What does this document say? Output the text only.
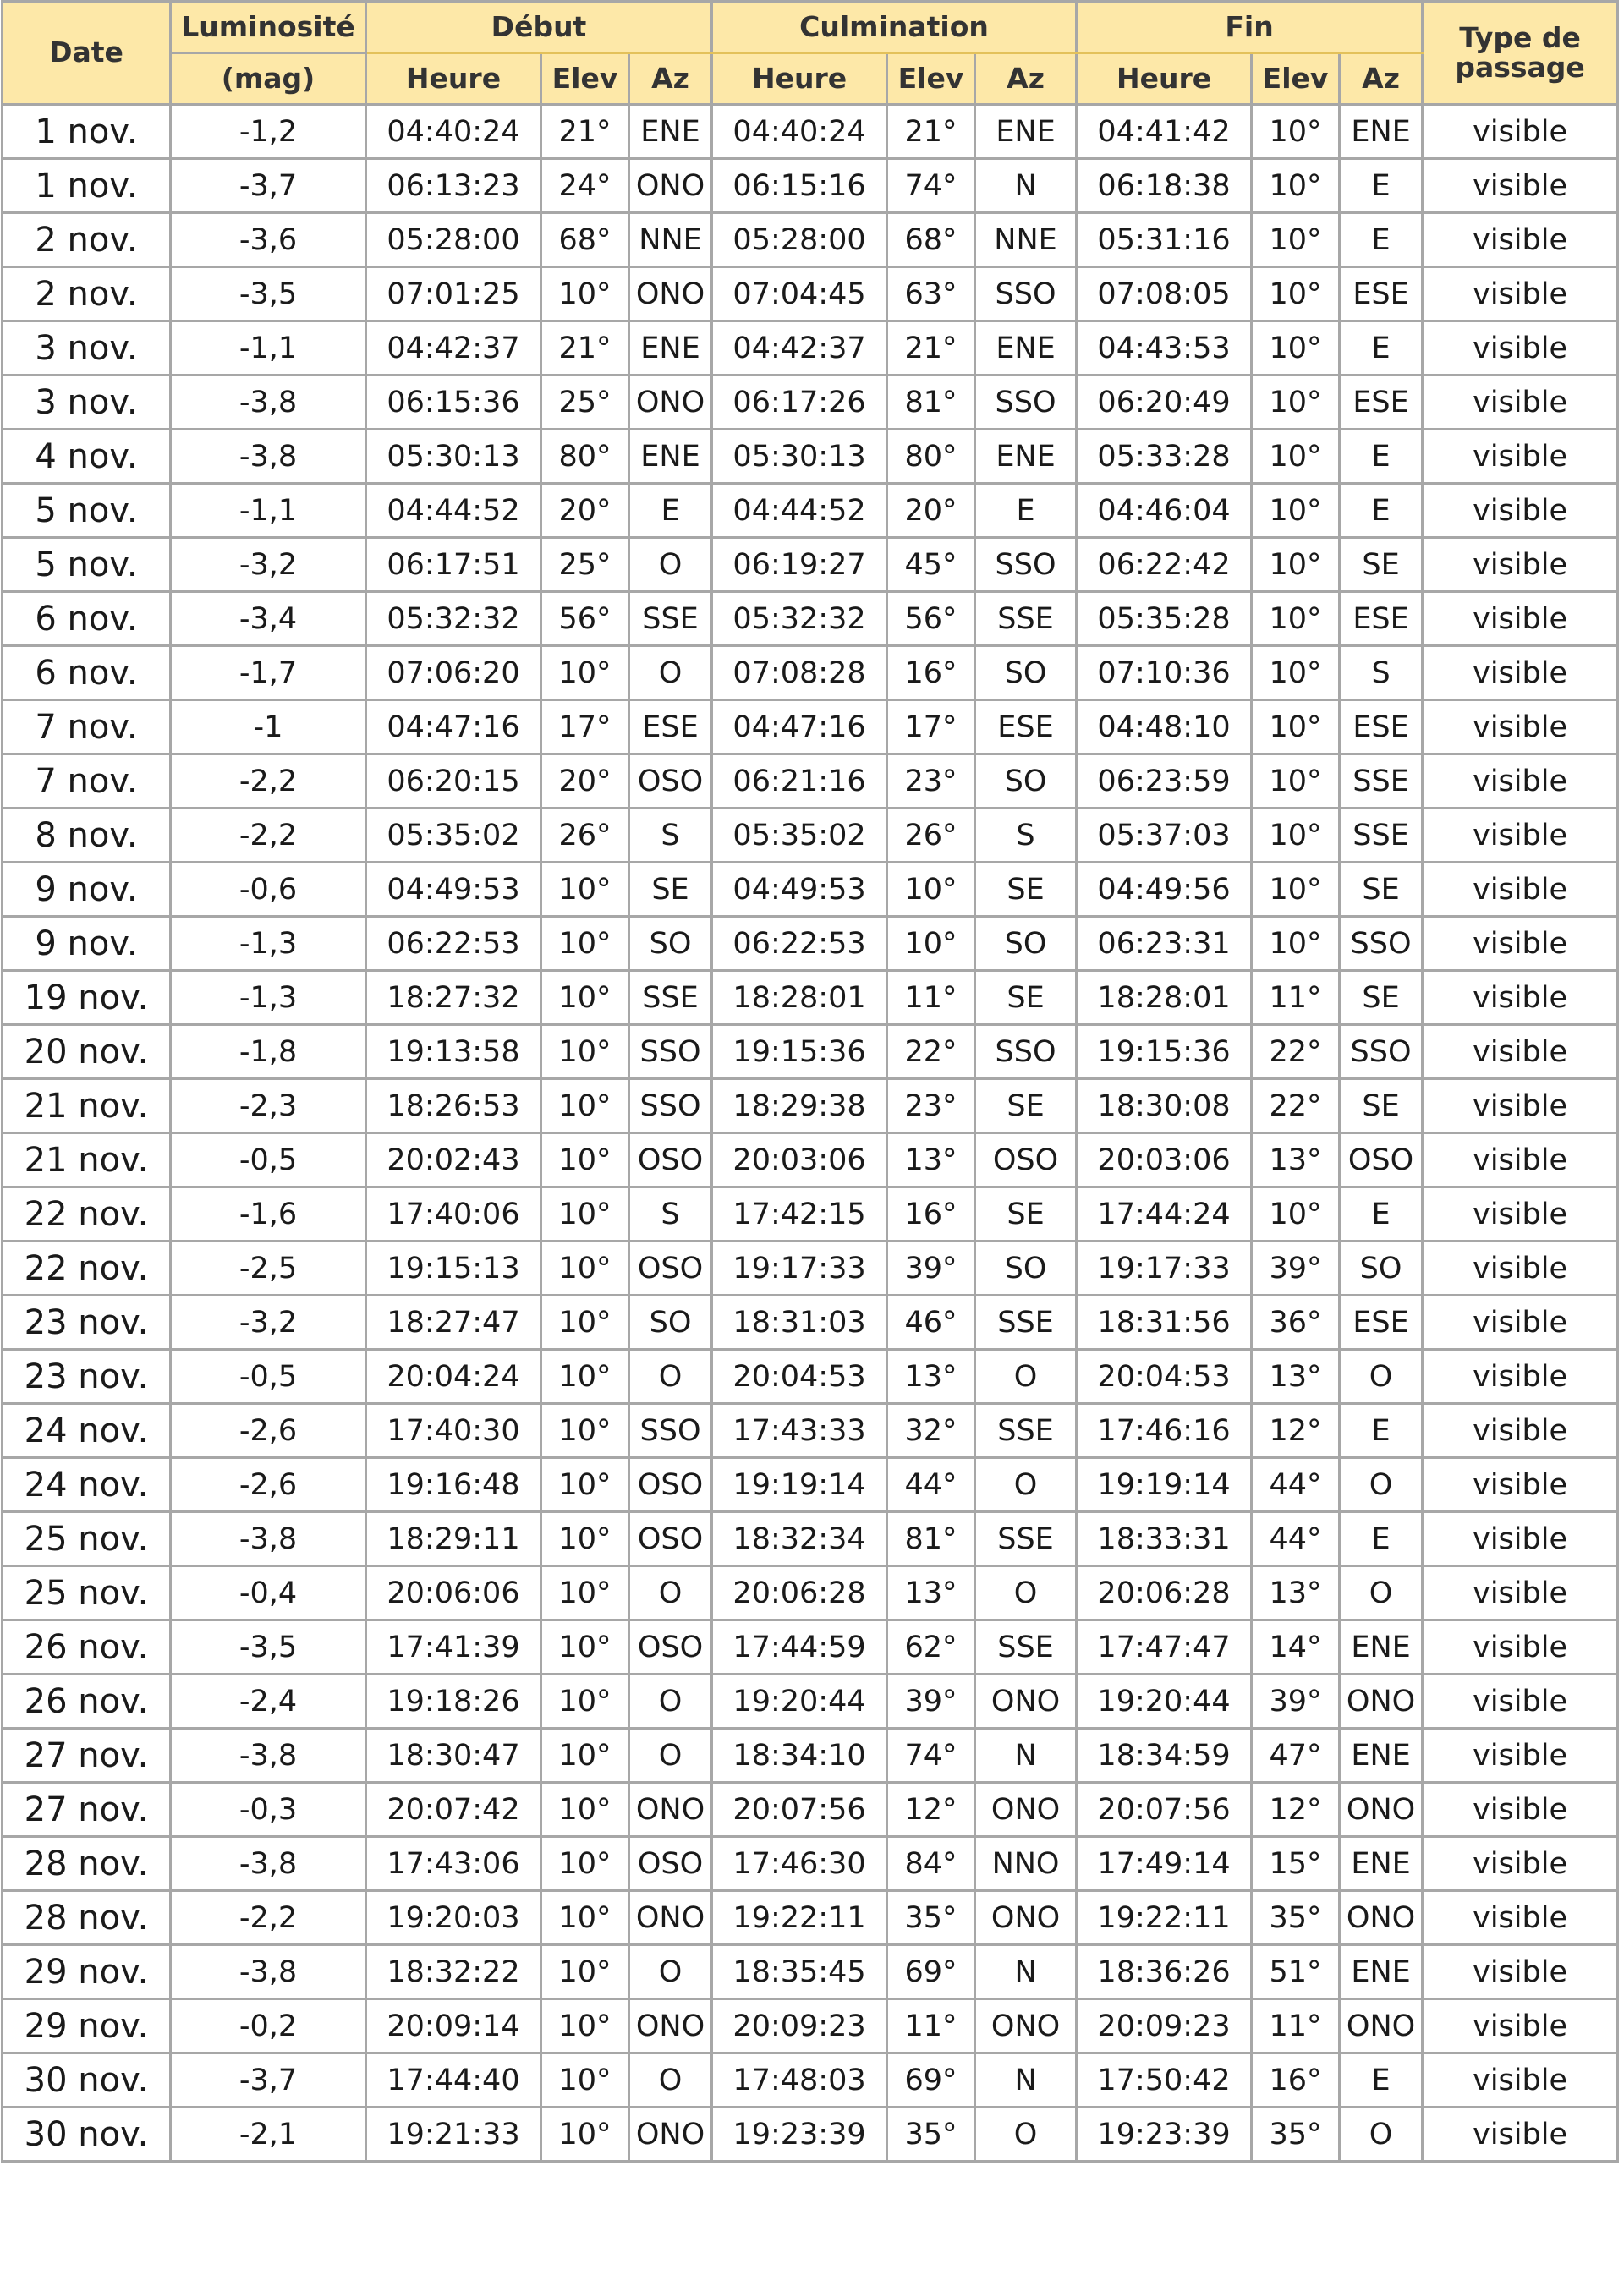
Date	Luminosité	Début			Culmination			Fin			Type de
passage
	(mag)	Heure	Elev	Az	Heure	Elev	Az	Heure	Elev	Az	
1 nov.	-1,2	04:40:24	21°	ENE	04:40:24	21°	ENE	04:41:42	10°	ENE	visible
1 nov.	-3,7	06:13:23	24°	ONO	06:15:16	74°	N	06:18:38	10°	E	visible
2 nov.	-3,6	05:28:00	68°	NNE	05:28:00	68°	NNE	05:31:16	10°	E	visible
2 nov.	-3,5	07:01:25	10°	ONO	07:04:45	63°	SSO	07:08:05	10°	ESE	visible
3 nov.	-1,1	04:42:37	21°	ENE	04:42:37	21°	ENE	04:43:53	10°	E	visible
3 nov.	-3,8	06:15:36	25°	ONO	06:17:26	81°	SSO	06:20:49	10°	ESE	visible
4 nov.	-3,8	05:30:13	80°	ENE	05:30:13	80°	ENE	05:33:28	10°	E	visible
5 nov.	-1,1	04:44:52	20°	E	04:44:52	20°	E	04:46:04	10°	E	visible
5 nov.	-3,2	06:17:51	25°	O	06:19:27	45°	SSO	06:22:42	10°	SE	visible
6 nov.	-3,4	05:32:32	56°	SSE	05:32:32	56°	SSE	05:35:28	10°	ESE	visible
6 nov.	-1,7	07:06:20	10°	O	07:08:28	16°	SO	07:10:36	10°	S	visible
7 nov.	-1	04:47:16	17°	ESE	04:47:16	17°	ESE	04:48:10	10°	ESE	visible
7 nov.	-2,2	06:20:15	20°	OSO	06:21:16	23°	SO	06:23:59	10°	SSE	visible
8 nov.	-2,2	05:35:02	26°	S	05:35:02	26°	S	05:37:03	10°	SSE	visible
9 nov.	-0,6	04:49:53	10°	SE	04:49:53	10°	SE	04:49:56	10°	SE	visible
9 nov.	-1,3	06:22:53	10°	SO	06:22:53	10°	SO	06:23:31	10°	SSO	visible
19 nov.	-1,3	18:27:32	10°	SSE	18:28:01	11°	SE	18:28:01	11°	SE	visible
20 nov.	-1,8	19:13:58	10°	SSO	19:15:36	22°	SSO	19:15:36	22°	SSO	visible
21 nov.	-2,3	18:26:53	10°	SSO	18:29:38	23°	SE	18:30:08	22°	SE	visible
21 nov.	-0,5	20:02:43	10°	OSO	20:03:06	13°	OSO	20:03:06	13°	OSO	visible
22 nov.	-1,6	17:40:06	10°	S	17:42:15	16°	SE	17:44:24	10°	E	visible
22 nov.	-2,5	19:15:13	10°	OSO	19:17:33	39°	SO	19:17:33	39°	SO	visible
23 nov.	-3,2	18:27:47	10°	SO	18:31:03	46°	SSE	18:31:56	36°	ESE	visible
23 nov.	-0,5	20:04:24	10°	O	20:04:53	13°	O	20:04:53	13°	O	visible
24 nov.	-2,6	17:40:30	10°	SSO	17:43:33	32°	SSE	17:46:16	12°	E	visible
24 nov.	-2,6	19:16:48	10°	OSO	19:19:14	44°	O	19:19:14	44°	O	visible
25 nov.	-3,8	18:29:11	10°	OSO	18:32:34	81°	SSE	18:33:31	44°	E	visible
25 nov.	-0,4	20:06:06	10°	O	20:06:28	13°	O	20:06:28	13°	O	visible
26 nov.	-3,5	17:41:39	10°	OSO	17:44:59	62°	SSE	17:47:47	14°	ENE	visible
26 nov.	-2,4	19:18:26	10°	O	19:20:44	39°	ONO	19:20:44	39°	ONO	visible
27 nov.	-3,8	18:30:47	10°	O	18:34:10	74°	N	18:34:59	47°	ENE	visible
27 nov.	-0,3	20:07:42	10°	ONO	20:07:56	12°	ONO	20:07:56	12°	ONO	visible
28 nov.	-3,8	17:43:06	10°	OSO	17:46:30	84°	NNO	17:49:14	15°	ENE	visible
28 nov.	-2,2	19:20:03	10°	ONO	19:22:11	35°	ONO	19:22:11	35°	ONO	visible
29 nov.	-3,8	18:32:22	10°	O	18:35:45	69°	N	18:36:26	51°	ENE	visible
29 nov.	-0,2	20:09:14	10°	ONO	20:09:23	11°	ONO	20:09:23	11°	ONO	visible
30 nov.	-3,7	17:44:40	10°	O	17:48:03	69°	N	17:50:42	16°	E	visible
30 nov.	-2,1	19:21:33	10°	ONO	19:23:39	35°	O	19:23:39	35°	O	visible
